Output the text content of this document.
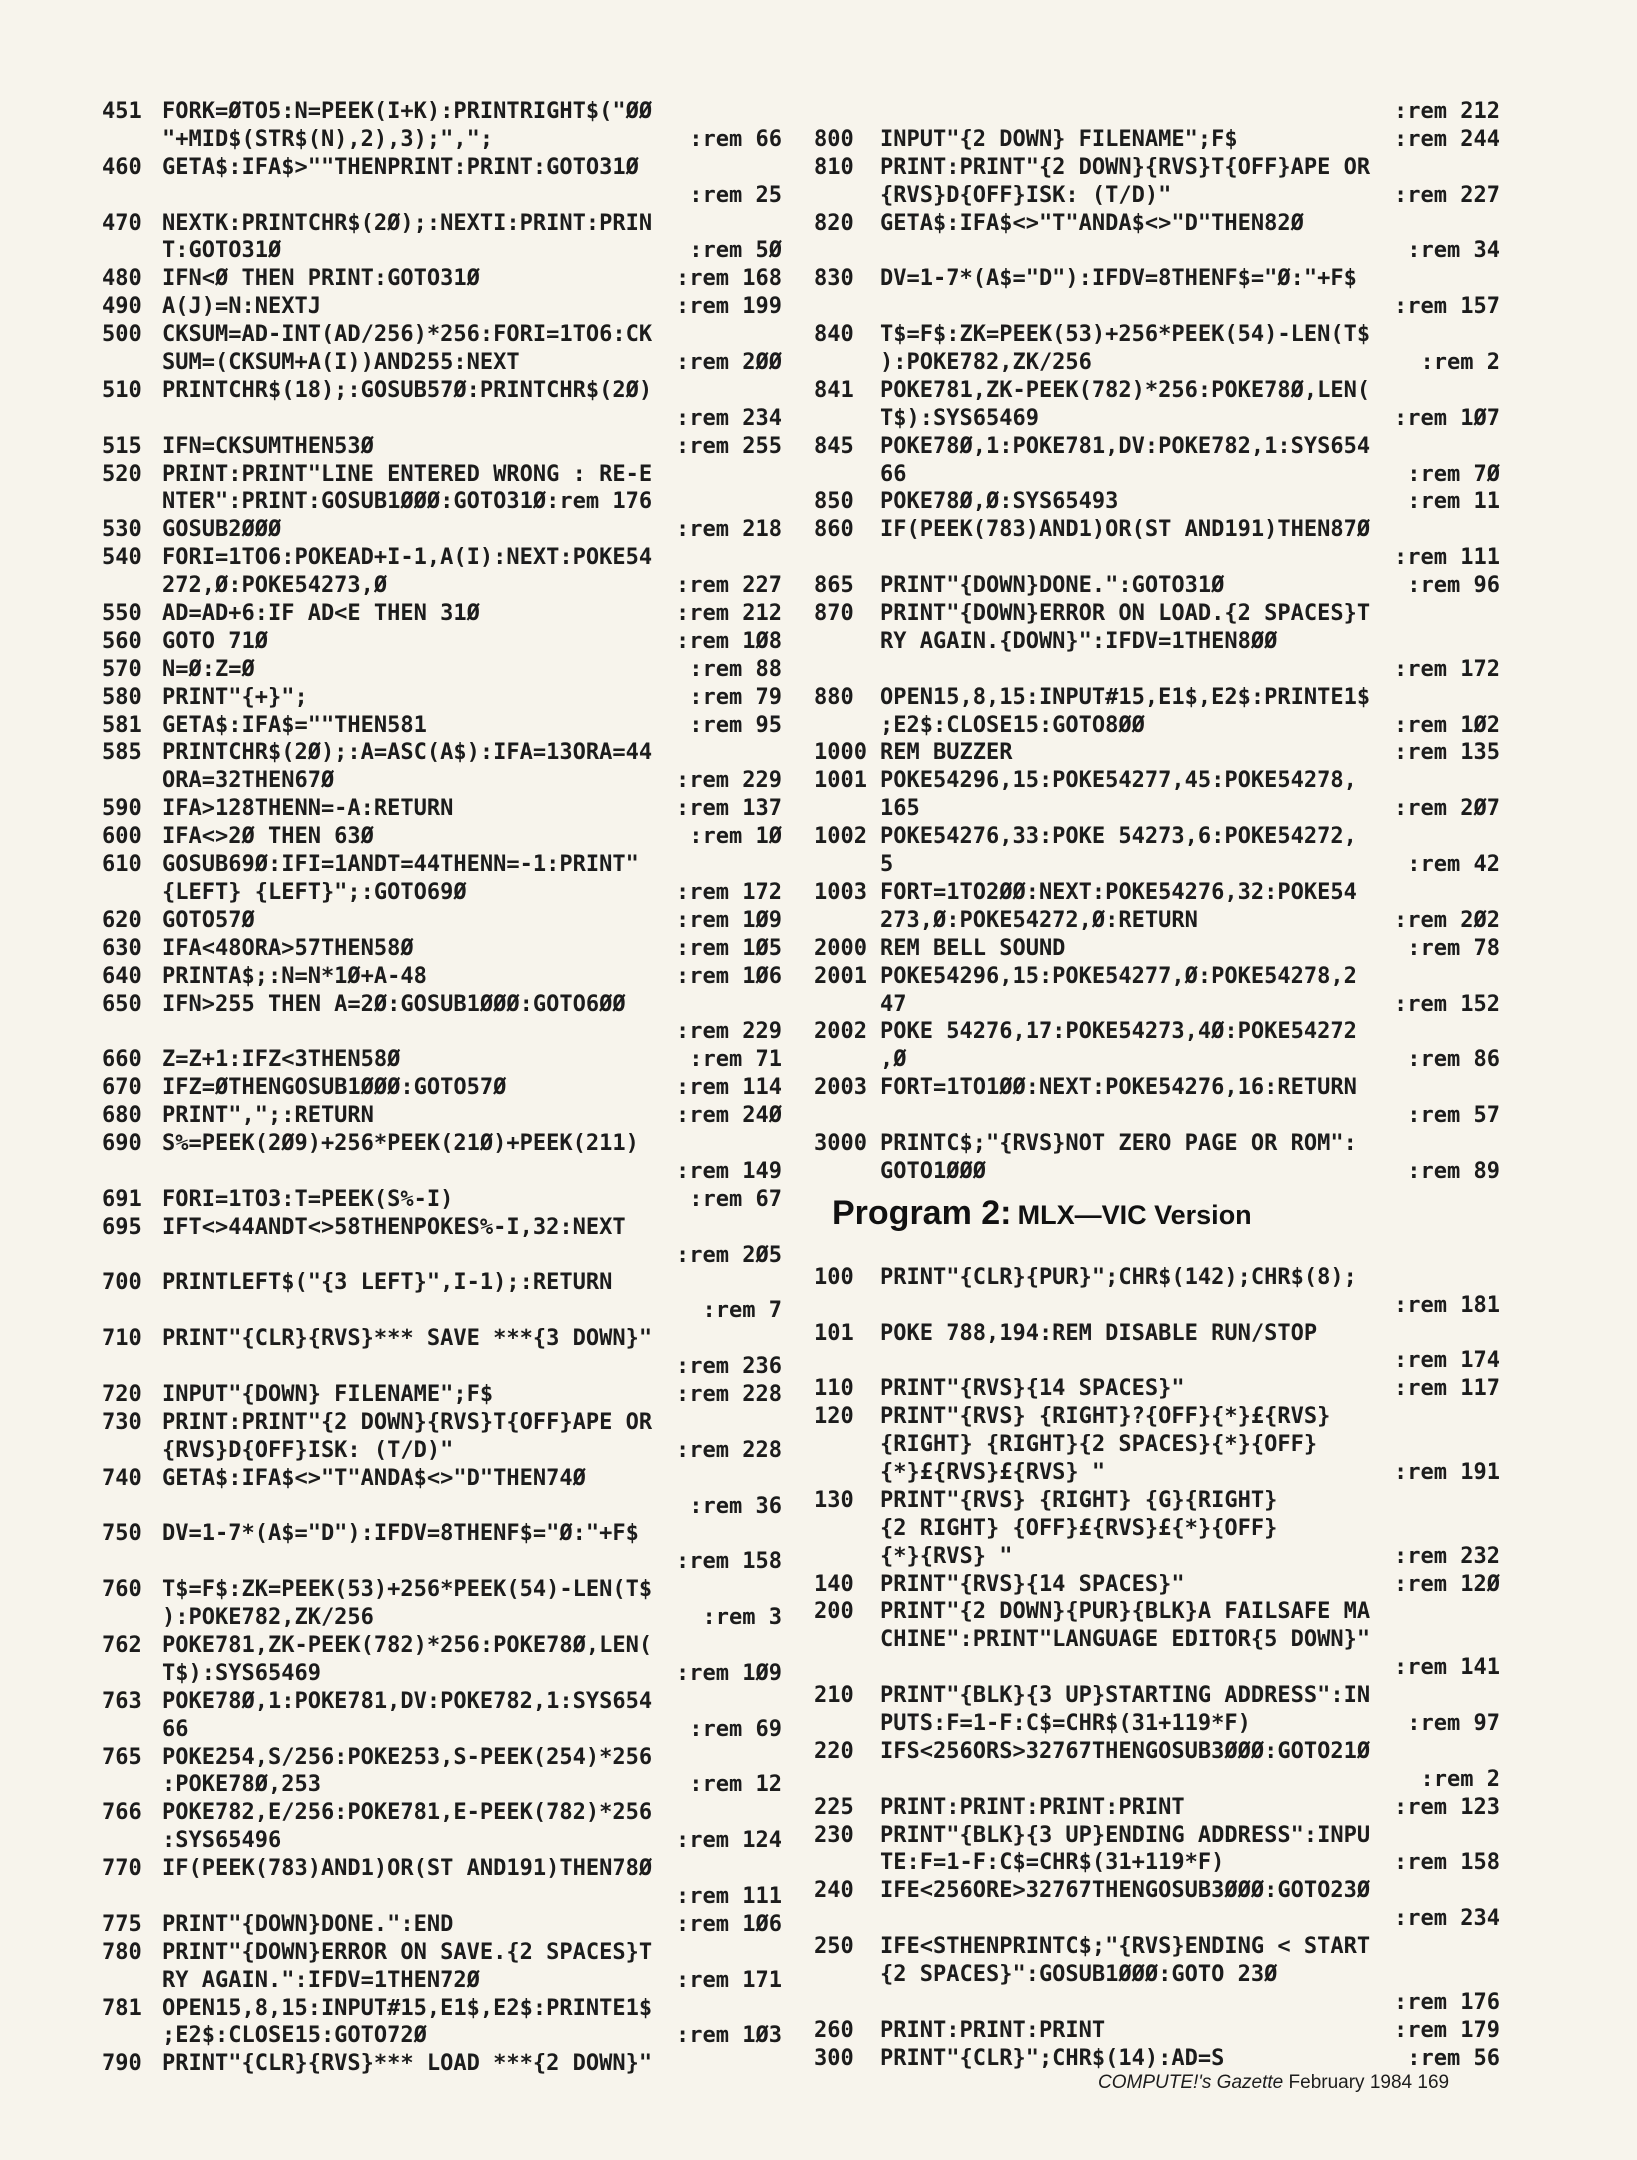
451 FORK=ØTO5:N=PEEK(I+K):PRINTRIGHT$("ØØ
"+MID$(STR$(N),2),3);",";	:rem 66
460 GETA$:IFA$>""THENPRINT:PRINT:GOTO31Ø
:rem 25
470 NEXTK:PRINTCHR$(2Ø);:NEXTI:PRINT:PRIN
T:GOTO31Ø	:rem 5Ø
480 IFN<Ø THEN PRINT:GOTO31Ø	:rem 168
490 A(J)=N:NEXTJ	:rem 199
500 CKSUM=AD-INT(AD/256)*256:FORI=1TO6:CK
SUM=(CKSUM+A(I))AND255:NEXT	:rem 2ØØ
510 PRINTCHR$(18);:GOSUB57Ø:PRINTCHR$(2Ø)
:rem 234
515 IFN=CKSUMTHEN53Ø	:rem 255
520 PRINT:PRINT"LINE ENTERED WRONG : RE-E
NTER":PRINT:GOSUB1ØØØ:GOTO31Ø:rem 176
530 GOSUB2ØØØ	:rem 218
540 FORI=1TO6:POKEAD+I-1,A(I):NEXT:POKE54
272,Ø:POKE54273,Ø	:rem 227
550 AD=AD+6:IF AD<E THEN 31Ø	:rem 212
560 GOTO 71Ø	:rem 1Ø8
570 N=Ø:Z=Ø	:rem 88
580 PRINT"{+}";	:rem 79
581 GETA$:IFA$=""THEN581	:rem 95
585 PRINTCHR$(2Ø);:A=ASC(A$):IFA=13ORA=44
ORA=32THEN67Ø	:rem 229
590 IFA>128THENN=-A:RETURN	:rem 137
600 IFA<>2Ø THEN 63Ø	:rem 1Ø
610 GOSUB69Ø:IFI=1ANDT=44THENN=-1:PRINT"
{LEFT} {LEFT}";:GOTO69Ø	:rem 172
620 GOTO57Ø	:rem 1Ø9
630 IFA<48ORA>57THEN58Ø	:rem 1Ø5
640 PRINTA$;:N=N*1Ø+A-48	:rem 1Ø6
650 IFN>255 THEN A=2Ø:GOSUB1ØØØ:GOTO6ØØ
:rem 229
660 Z=Z+1:IFZ<3THEN58Ø	:rem 71
670 IFZ=ØTHENGOSUB1ØØØ:GOTO57Ø	:rem 114
680 PRINT",";:RETURN	:rem 24Ø
690 S%=PEEK(2Ø9)+256*PEEK(21Ø)+PEEK(211)
:rem 149
691 FORI=1TO3:T=PEEK(S%-I)	:rem 67
695 IFT<>44ANDT<>58THENPOKES%-I,32:NEXT
:rem 2Ø5
700 PRINTLEFT$("{3 LEFT}",I-1);:RETURN
:rem 7
710 PRINT"{CLR}{RVS}*** SAVE ***{3 DOWN}"
:rem 236
720 INPUT"{DOWN} FILENAME";F$	:rem 228
730 PRINT:PRINT"{2 DOWN}{RVS}T{OFF}APE OR
{RVS}D{OFF}ISK: (T/D)"	:rem 228
740 GETA$:IFA$<>"T"ANDA$<>"D"THEN74Ø
:rem 36
750 DV=1-7*(A$="D"):IFDV=8THENF$="Ø:"+F$
:rem 158
760 T$=F$:ZK=PEEK(53)+256*PEEK(54)-LEN(T$
):POKE782,ZK/256	:rem 3
762 POKE781,ZK-PEEK(782)*256:POKE78Ø,LEN(
T$):SYS65469	:rem 1Ø9
763 POKE78Ø,1:POKE781,DV:POKE782,1:SYS654
66	:rem 69
765 POKE254,S/256:POKE253,S-PEEK(254)*256
:POKE78Ø,253	:rem 12
766 POKE782,E/256:POKE781,E-PEEK(782)*256
:SYS65496	:rem 124
770 IF(PEEK(783)AND1)OR(ST AND191)THEN78Ø
:rem 111
775 PRINT"{DOWN}DONE.":END	:rem 1Ø6
780 PRINT"{DOWN}ERROR ON SAVE.{2 SPACES}T
RY AGAIN.":IFDV=1THEN72Ø	:rem 171
781 OPEN15,8,15:INPUT#15,E1$,E2$:PRINTE1$
;E2$:CLOSE15:GOTO72Ø	:rem 1Ø3
790 PRINT"{CLR}{RVS}*** LOAD ***{2 DOWN}"
:rem 212
800 INPUT"{2 DOWN} FILENAME";F$	:rem 244
810 PRINT:PRINT"{2 DOWN}{RVS}T{OFF}APE OR
{RVS}D{OFF}ISK: (T/D)"	:rem 227
820 GETA$:IFA$<>"T"ANDA$<>"D"THEN82Ø
:rem 34
830 DV=1-7*(A$="D"):IFDV=8THENF$="Ø:"+F$
:rem 157
840 T$=F$:ZK=PEEK(53)+256*PEEK(54)-LEN(T$
):POKE782,ZK/256	:rem 2
841 POKE781,ZK-PEEK(782)*256:POKE78Ø,LEN(
T$):SYS65469	:rem 1Ø7
845 POKE78Ø,1:POKE781,DV:POKE782,1:SYS654
66	:rem 7Ø
850 POKE78Ø,Ø:SYS65493	:rem 11
860 IF(PEEK(783)AND1)OR(ST AND191)THEN87Ø
:rem 111
865 PRINT"{DOWN}DONE.":GOTO31Ø	:rem 96
870 PRINT"{DOWN}ERROR ON LOAD.{2 SPACES}T
RY AGAIN.{DOWN}":IFDV=1THEN8ØØ
:rem 172
880 OPEN15,8,15:INPUT#15,E1$,E2$:PRINTE1$
;E2$:CLOSE15:GOTO8ØØ	:rem 1Ø2
1000 REM BUZZER	:rem 135
1001 POKE54296,15:POKE54277,45:POKE54278,
165	:rem 2Ø7
1002 POKE54276,33:POKE 54273,6:POKE54272,
5	:rem 42
1003 FORT=1TO2ØØ:NEXT:POKE54276,32:POKE54
273,Ø:POKE54272,Ø:RETURN	:rem 2Ø2
2000 REM BELL SOUND	:rem 78
2001 POKE54296,15:POKE54277,Ø:POKE54278,2
47	:rem 152
2002 POKE 54276,17:POKE54273,4Ø:POKE54272
,Ø	:rem 86
2003 FORT=1TO1ØØ:NEXT:POKE54276,16:RETURN
:rem 57
3000 PRINTC$;"{RVS}NOT ZERO PAGE OR ROM":
GOTO1ØØØ	:rem 89
Program 2: MLX—VIC Version
100 PRINT"{CLR}{PUR}";CHR$(142);CHR$(8);
:rem 181
101 POKE 788,194:REM DISABLE RUN/STOP
:rem 174
110 PRINT"{RVS}{14 SPACES}"	:rem 117
120 PRINT"{RVS} {RIGHT}?{OFF}{*}£{RVS}
{RIGHT} {RIGHT}{2 SPACES}{*}{OFF}
{*}£{RVS}£{RVS} "	:rem 191
130 PRINT"{RVS} {RIGHT} {G}{RIGHT}
{2 RIGHT} {OFF}£{RVS}£{*}{OFF}
{*}{RVS} "	:rem 232
140 PRINT"{RVS}{14 SPACES}"	:rem 12Ø
200 PRINT"{2 DOWN}{PUR}{BLK}A FAILSAFE MA
CHINE":PRINT"LANGUAGE EDITOR{5 DOWN}"
:rem 141
210 PRINT"{BLK}{3 UP}STARTING ADDRESS":IN
PUTS:F=1-F:C$=CHR$(31+119*F)	:rem 97
220 IFS<256ORS>32767THENGOSUB3ØØØ:GOTO21Ø
:rem 2
225 PRINT:PRINT:PRINT:PRINT	:rem 123
230 PRINT"{BLK}{3 UP}ENDING ADDRESS":INPU
TE:F=1-F:C$=CHR$(31+119*F)	:rem 158
240 IFE<256ORE>32767THENGOSUB3ØØØ:GOTO23Ø
:rem 234
250 IFE<STHENPRINTC$;"{RVS}ENDING < START
{2 SPACES}":GOSUB1ØØØ:GOTO 23Ø
:rem 176
260 PRINT:PRINT:PRINT	:rem 179
300 PRINT"{CLR}";CHR$(14):AD=S	:rem 56
COMPUTE!'s Gazette February 1984 169
